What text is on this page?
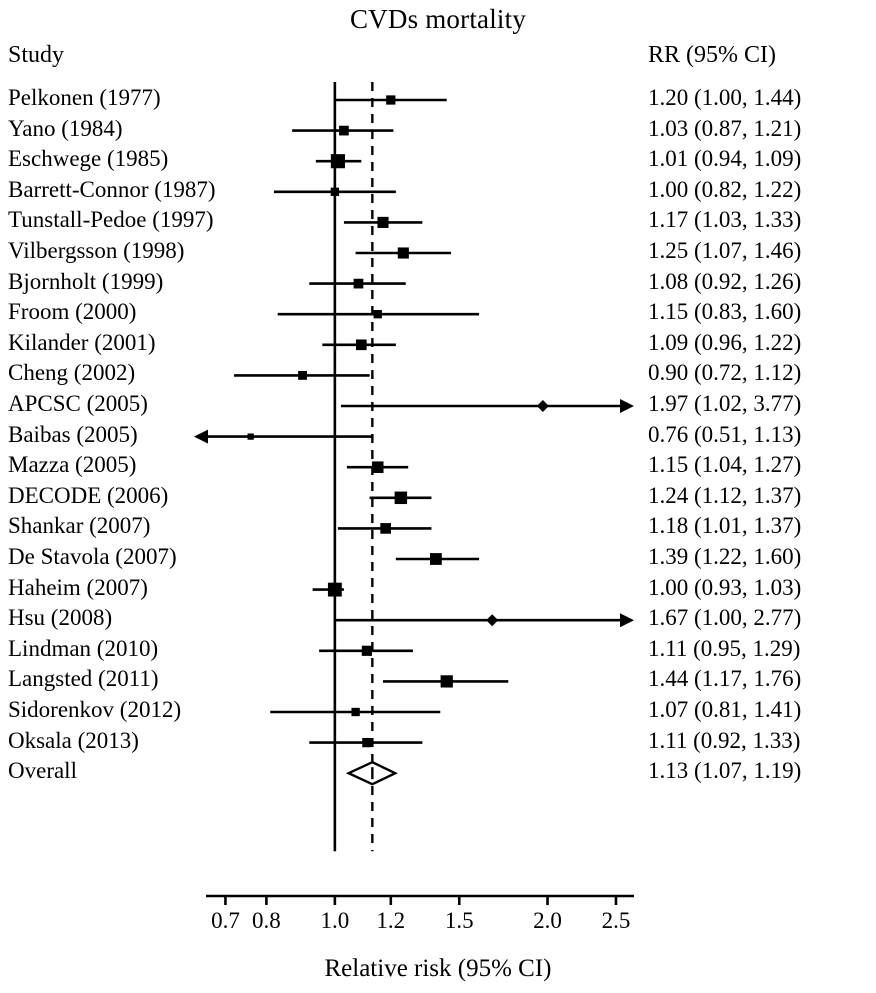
CVDs mortality
Study	RR (95% CI)
Pelkonen (1977)	1.20 (1.00, 1.44)
Yano (1984)	1.03 (0.87, 1.21)
Eschwege (1985)	1.01 (0.94, 1.09)
Barrett-Connor (1987)	1.00 (0.82, 1.22)
Tunstall-Pedoe (1997)	1.17 (1.03, 1.33)
Vilbergsson (1998)	1.25 (1.07, 1.46)
Bjornholt (1999)	1.08 (0.92, 1.26)
Froom (2000)	1.15 (0.83, 1.60)
Kilander (2001)	1.09 (0.96, 1.22)
Cheng (2002)	0.90 (0.72, 1.12)
APCSC (2005)	1.97 (1.02, 3.77)
Baibas (2005)	0.76 (0.51, 1.13)
Mazza (2005)	1.15 (1.04, 1.27)
DECODE (2006)	1.24 (1.12, 1.37)
Shankar (2007)	1.18 (1.01, 1.37)
De Stavola (2007)	1.39 (1.22, 1.60)
Haheim (2007)	1.00 (0.93, 1.03)
Hsu (2008)	1.67 (1.00, 2.77)
Lindman (2010)	1.11 (0.95, 1.29)
Langsted (2011)	1.44 (1.17, 1.76)
Sidorenkov (2012)	1.07 (0.81, 1.41)
Oksala (2013)	1.11 (0.92, 1.33)
Overall	1.13 (1.07, 1.19)
0.7 0.8 1.0 1.2 1.5	2.0 2.5
Relative risk (95% CI)
